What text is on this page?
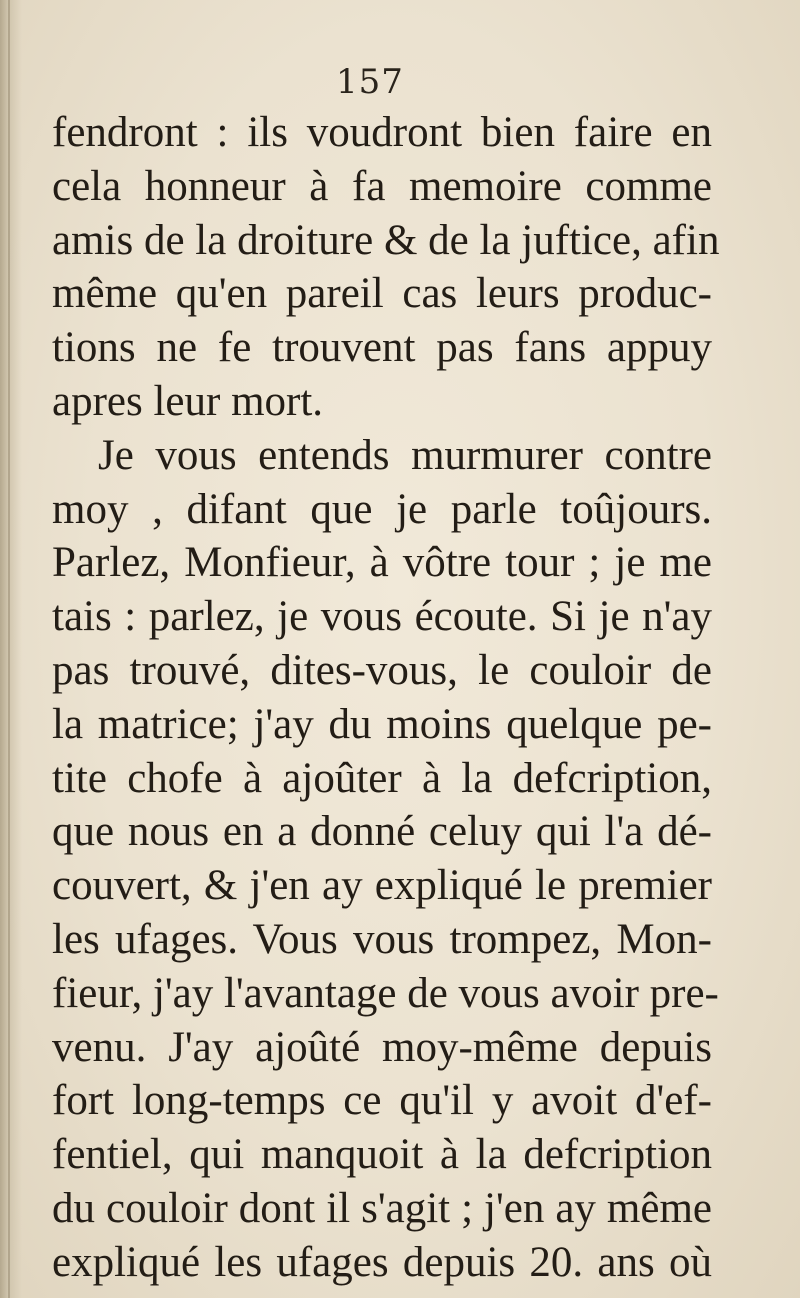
157
fendront : ils voudront bien faire en
cela honneur à fa memoire comme
amis de la droiture & de la juftice, afin
même qu'en pareil cas leurs produc-
tions ne fe trouvent pas fans appuy
apres leur mort.
Je vous entends murmurer contre
moy , difant que je parle toûjours.
Parlez, Monfieur, à vôtre tour ; je me
tais : parlez, je vous écoute. Si je n'ay
pas trouvé, dites-vous, le couloir de
la matrice; j'ay du moins quelque pe-
tite chofe à ajoûter à la defcription,
que nous en a donné celuy qui l'a dé-
couvert, & j'en ay expliqué le premier
les ufages. Vous vous trompez, Mon-
fieur, j'ay l'avantage de vous avoir pre-
venu. J'ay ajoûté moy-même depuis
fort long-temps ce qu'il y avoit d'ef-
fentiel, qui manquoit à la defcription
du couloir dont il s'agit ; j'en ay même
expliqué les ufages depuis 20. ans où
